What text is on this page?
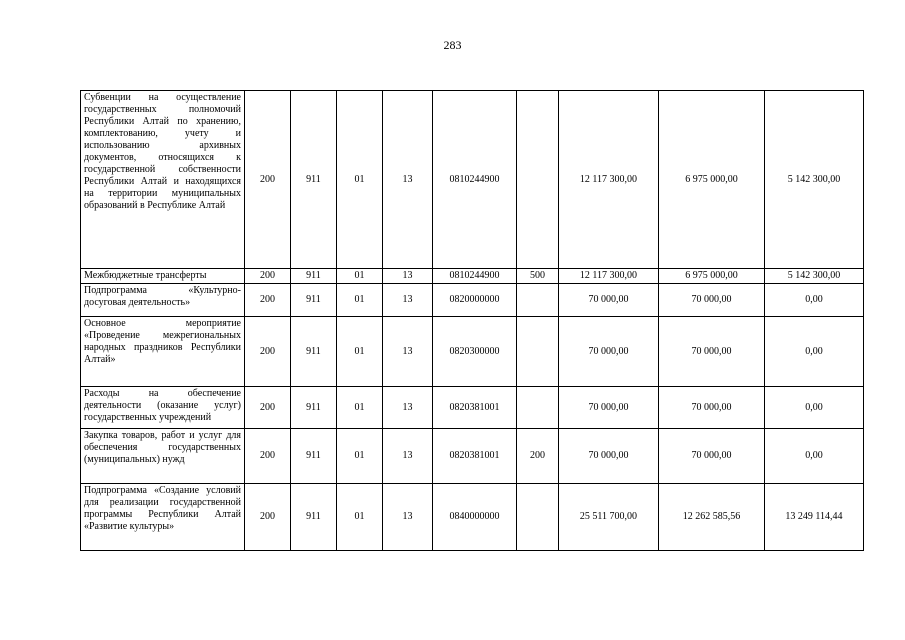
283
Субвенции на осуществление государственных полномочий Республики Алтай по хранению, комплектованию, учету и использованию архивных документов, относящихся к государственной собственности Республики Алтай и находящихся на территории муниципальных образований в Республике Алтай	200	911	01	13	0810244900		12 117 300,00	6 975 000,00	5 142 300,00
Межбюджетные трансферты	200	911	01	13	0810244900	500	12 117 300,00	6 975 000,00	5 142 300,00
Подпрограмма «Культурно-досуговая деятельность»	200	911	01	13	0820000000		70 000,00	70 000,00	0,00
Основное мероприятие «Проведение межрегиональных народных праздников Республики Алтай»	200	911	01	13	0820300000		70 000,00	70 000,00	0,00
Расходы на обеспечение деятельности (оказание услуг) государственных учреждений	200	911	01	13	0820381001		70 000,00	70 000,00	0,00
Закупка товаров, работ и услуг для обеспечения государственных (муниципальных) нужд	200	911	01	13	0820381001	200	70 000,00	70 000,00	0,00
Подпрограмма «Создание условий для реализации государственной программы Республики Алтай «Развитие культуры»	200	911	01	13	0840000000		25 511 700,00	12 262 585,56	13 249 114,44
